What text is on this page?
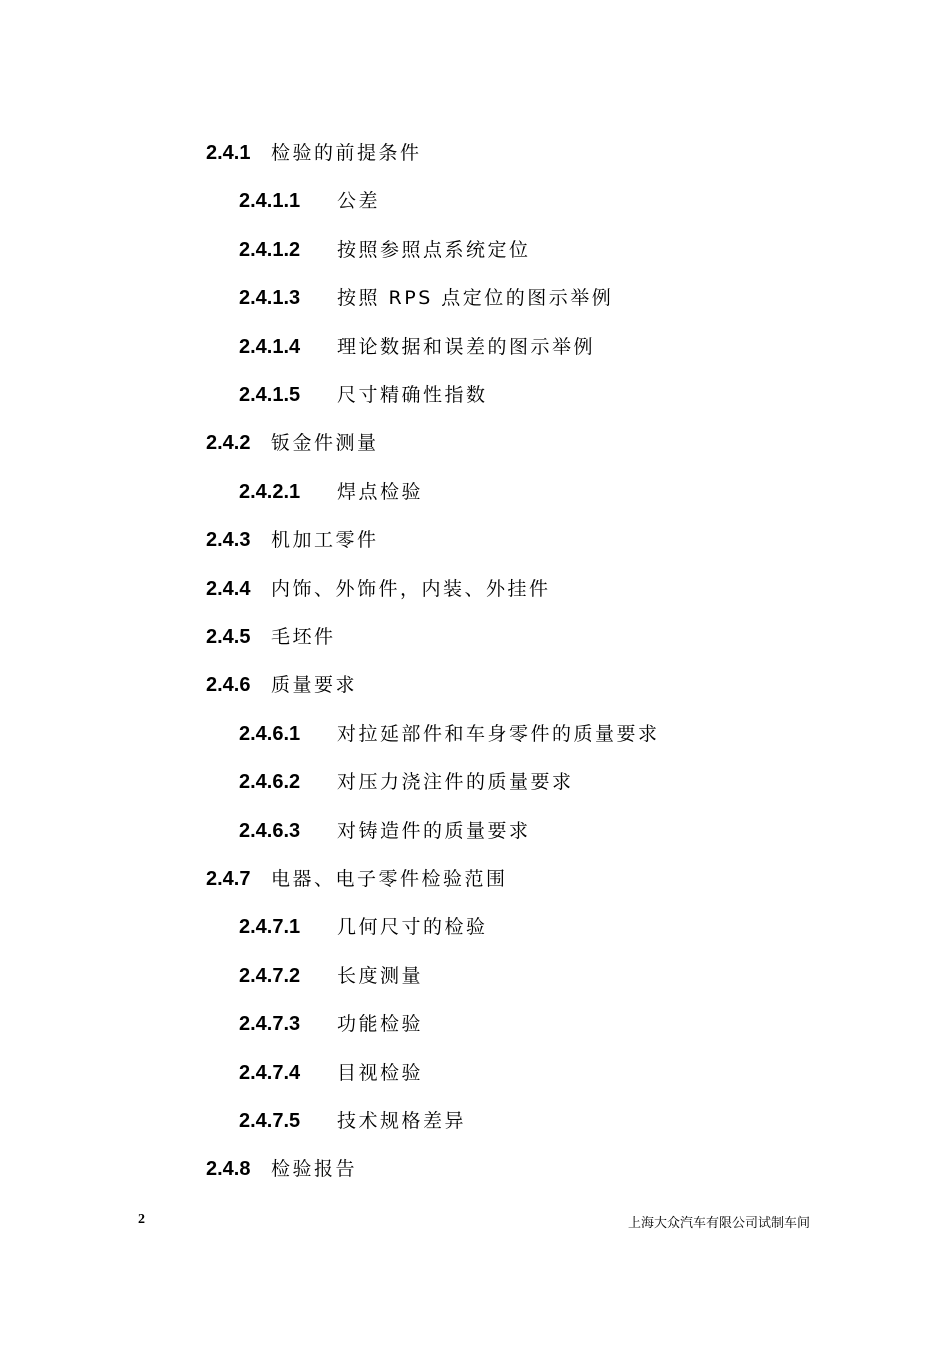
2.4.1 检验的前提条件
2.4.1.1 公差
2.4.1.2 按照参照点系统定位
2.4.1.3 按照 RPS 点定位的图示举例
2.4.1.4 理论数据和误差的图示举例
2.4.1.5 尺寸精确性指数
2.4.2 钣金件测量
2.4.2.1 焊点检验
2.4.3 机加工零件
2.4.4 内饰、外饰件，内装、外挂件
2.4.5 毛坯件
2.4.6 质量要求
2.4.6.1 对拉延部件和车身零件的质量要求
2.4.6.2 对压力浇注件的质量要求
2.4.6.3 对铸造件的质量要求
2.4.7 电器、电子零件检验范围
2.4.7.1 几何尺寸的检验
2.4.7.2 长度测量
2.4.7.3 功能检验
2.4.7.4 目视检验
2.4.7.5 技术规格差异
2.4.8 检验报告
2	上海大众汽车有限公司试制车间
